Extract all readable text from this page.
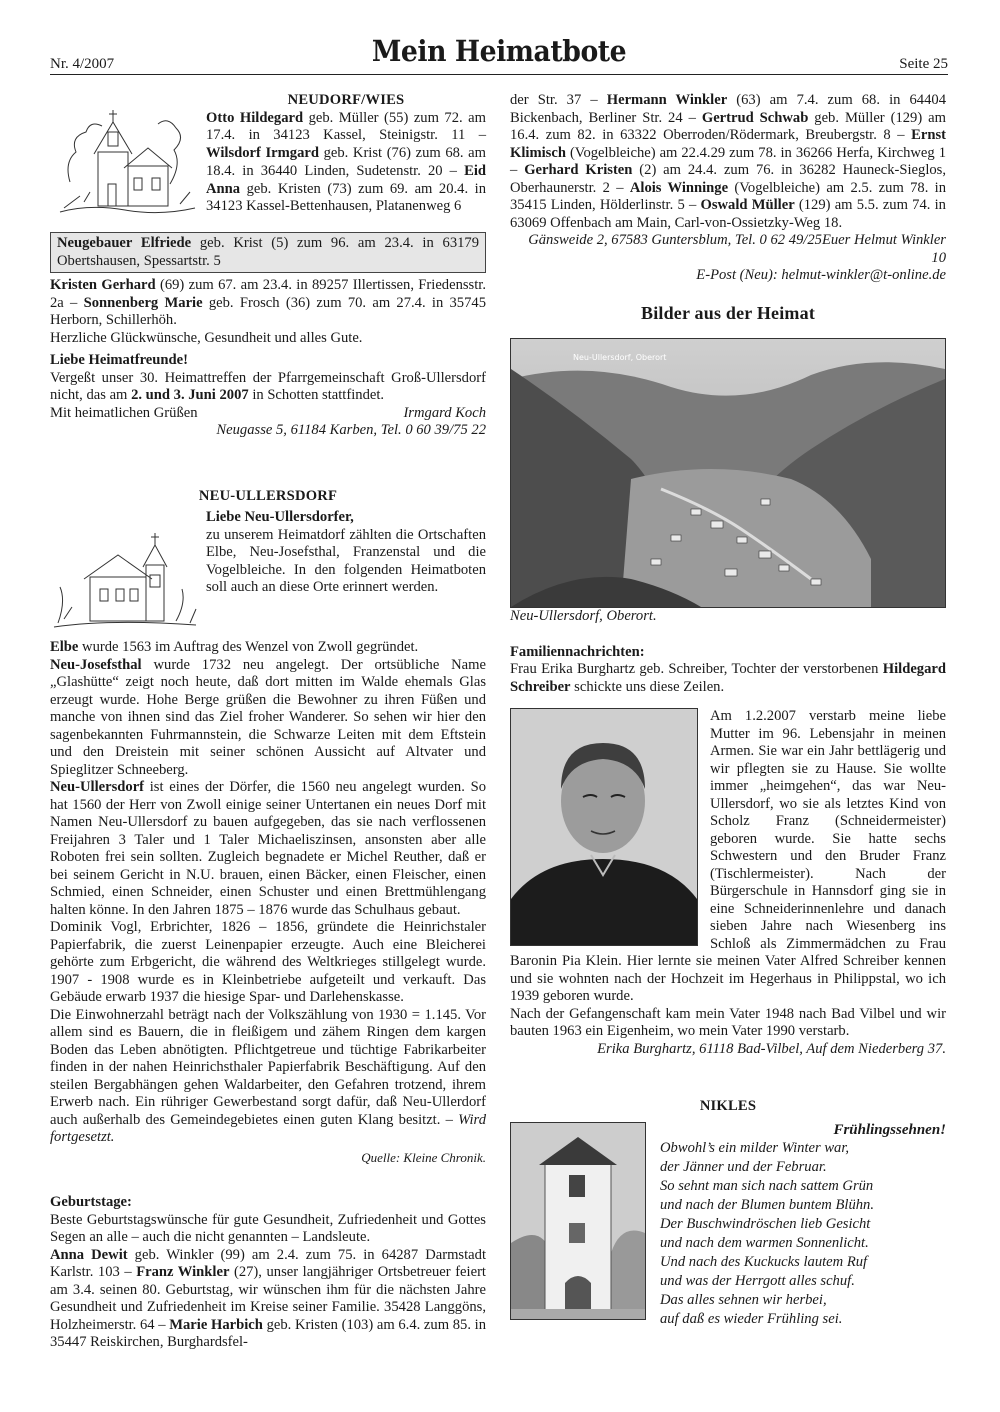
Nr. 4/2007	Mein Heimatbote	Seite 25

NEUDORF/WIES

Otto Hildegard geb. Müller (55) zum 72. am 17.4. in 34123 Kassel, Steinigstr. 11 – Wilsdorf Irmgard geb. Krist (76) zum 68. am 18.4. in 36440 Linden, Sudetenstr. 20 – Eid Anna geb. Kristen (73) zum 69. am 20.4. in 34123 Kassel-Bettenhausen, Platanenweg 6

Neugebauer Elfriede geb. Krist (5) zum 96. am 23.4. in 63179 Obertshausen, Spessartstr. 5

Kristen Gerhard (69) zum 67. am 23.4. in 89257 Illertissen, Friedensstr. 2a – Sonnenberg Marie geb. Frosch (36) zum 70. am 27.4. in 35745 Herborn, Schillerhöh.

Herzliche Glückwünsche, Gesundheit und alles Gute.

Liebe Heimatfreunde!

Vergeßt unser 30. Heimattreffen der Pfarrgemeinschaft Groß-Ullersdorf nicht, das am 2. und 3. Juni 2007 in Schotten stattfindet.

Mit heimatlichen Grüßen	Irmgard Koch

Neugasse 5, 61184 Karben, Tel. 0 60 39/75 22

NEU-ULLERSDORF

Liebe Neu-Ullersdorfer,

zu unserem Heimatdorf zählten die Ortschaften Elbe, Neu-Josefsthal, Franzenstal und die Vogelbleiche. In den folgenden Heimatboten soll auch an diese Orte erinnert werden.

Elbe wurde 1563 im Auftrag des Wenzel von Zwoll gegründet.

Neu-Josefsthal wurde 1732 neu angelegt. Der ortsübliche Name „Glashütte“ zeigt noch heute, daß dort mitten im Walde ehemals Glas erzeugt wurde. Hohe Berge grüßen die Bewohner zu ihren Füßen und manche von ihnen sind das Ziel froher Wanderer. So sehen wir hier den sagenbekannten Fuhrmannstein, die Schwarze Leiten mit dem Eftstein und den Dreistein mit seiner schönen Aussicht auf Altvater und Spieglitzer Schneeberg.

Neu-Ullersdorf ist eines der Dörfer, die 1560 neu angelegt wurden. So hat 1560 der Herr von Zwoll einige seiner Untertanen ein neues Dorf mit Namen Neu-Ullersdorf zu bauen aufgegeben, das sie nach verflossenen Freijahren 3 Taler und 1 Taler Michaeliszinsen, ansonsten aber alle Roboten frei sein sollten. Zugleich begnadete er Michel Reuther, daß er bei seinem Gericht in N.U. brauen, einen Bäcker, einen Fleischer, einen Schmied, einen Schneider, einen Schuster und einen Brettmühlengang halten könne. In den Jahren 1875 – 1876 wurde das Schulhaus gebaut.

Dominik Vogl, Erbrichter, 1826 – 1856, gründete die Heinrichstaler Papierfabrik, die zuerst Leinenpapier erzeugte. Auch eine Bleicherei gehörte zum Erbgericht, die während des Weltkrieges stillgelegt wurde. 1907 - 1908 wurde es in Kleinbetriebe aufgeteilt und verkauft. Das Gebäude erwarb 1937 die hiesige Spar- und Darlehenskasse.

Die Einwohnerzahl beträgt nach der Volkszählung von 1930 = 1.145. Vor allem sind es Bauern, die in fleißigem und zähem Ringen dem kargen Boden das Leben abnötigten. Pflichtgetreue und tüchtige Fabrikarbeiter finden in der nahen Heinrichsthaler Papierfabrik Beschäftigung. Auf den steilen Bergabhängen gehen Waldarbeiter, den Gefahren trotzend, ihrem Erwerb nach. Ein rühriger Gewerbestand sorgt dafür, daß Neu-Ullerdorf auch außerhalb des Gemeindegebietes einen guten Klang besitzt. – Wird fortgesetzt.

Quelle: Kleine Chronik.

Geburtstage:

Beste Geburtstagswünsche für gute Gesundheit, Zufriedenheit und Gottes Segen an alle – auch die nicht genannten – Landsleute.

Anna Dewit geb. Winkler (99) am 2.4. zum 75. in 64287 Darmstadt Karlstr. 103 – Franz Winkler (27), unser langjähriger Ortsbetreuer feiert am 3.4. seinen 80. Geburtstag, wir wünschen ihm für die nächsten Jahre Gesundheit und Zufriedenheit im Kreise seiner Familie. 35428 Langgöns, Holzheimerstr. 64 – Marie Harbich geb. Kristen (103) am 6.4. zum 85. in 35447 Reiskirchen, Burghardsfel-

der Str. 37 – Hermann Winkler (63) am 7.4. zum 68. in 64404 Bickenbach, Berliner Str. 24 – Gertrud Schwab geb. Müller (129) am 16.4. zum 82. in 63322 Oberroden/Rödermark, Breubergstr. 8 – Ernst Klimisch (Vogelbleiche) am 22.4.29 zum 78. in 36266 Herfa, Kirchweg 1 – Gerhard Kristen (2) am 24.4. zum 76. in 36282 Hauneck-Sieglos, Oberhaunerstr. 2 – Alois Winninge (Vogelbleiche) am 2.5. zum 78. in 35415 Linden, Hölderlinstr. 5 – Oswald Müller (129) am 5.5. zum 74. in 63069 Offenbach am Main, Carl-von-Ossietzky-Weg 18.
Euer Helmut Winkler

Gänsweide 2, 67583 Guntersblum, Tel. 0 62 49/25 10

E-Post (Neu): helmut-winkler@t-online.de

Bilder aus der Heimat

Neu-Ullersdorf, Oberort

Neu-Ullersdorf, Oberort.

Familiennachrichten:

Frau Erika Burghartz geb. Schreiber, Tochter der verstorbenen Hildegard Schreiber schickte uns diese Zeilen.

Am 1.2.2007 verstarb meine liebe Mutter im 96. Lebensjahr in meinen Armen. Sie war ein Jahr bettlägerig und wir pflegten sie zu Hause. Sie wollte immer „heimgehen“, das war Neu-Ullersdorf, wo sie als letztes Kind von Scholz Franz (Schneidermeister) geboren wurde. Sie hatte sechs Schwestern und den Bruder Franz (Tischlermeister). Nach der Bürgerschule in Hannsdorf ging sie in eine Schneiderinnenlehre und danach sieben Jahre nach Wiesenberg ins Schloß als Zimmermädchen zu Frau Baronin Pia Klein. Hier lernte sie meinen Vater Alfred Schreiber kennen und sie wohnten nach der Hochzeit im Hegerhaus in Philippstal, wo ich 1939 geboren wurde.

Nach der Gefangenschaft kam mein Vater 1948 nach Bad Vilbel und wir bauten 1963 ein Eigenheim, wo mein Vater 1990 verstarb.

Erika Burghartz, 61118 Bad-Vilbel, Auf dem Niederberg 37.

NIKLES

Frühlingssehnen!

Obwohl’s ein milder Winter war,
der Jänner und der Februar.
So sehnt man sich nach sattem Grün
und nach der Blumen buntem Blühn.
Der Buschwindröschen lieb Gesicht
und nach dem warmen Sonnenlicht.
Und nach des Kuckucks lautem Ruf
und was der Herrgott alles schuf.
Das alles sehnen wir herbei,
auf daß es wieder Frühling sei.
